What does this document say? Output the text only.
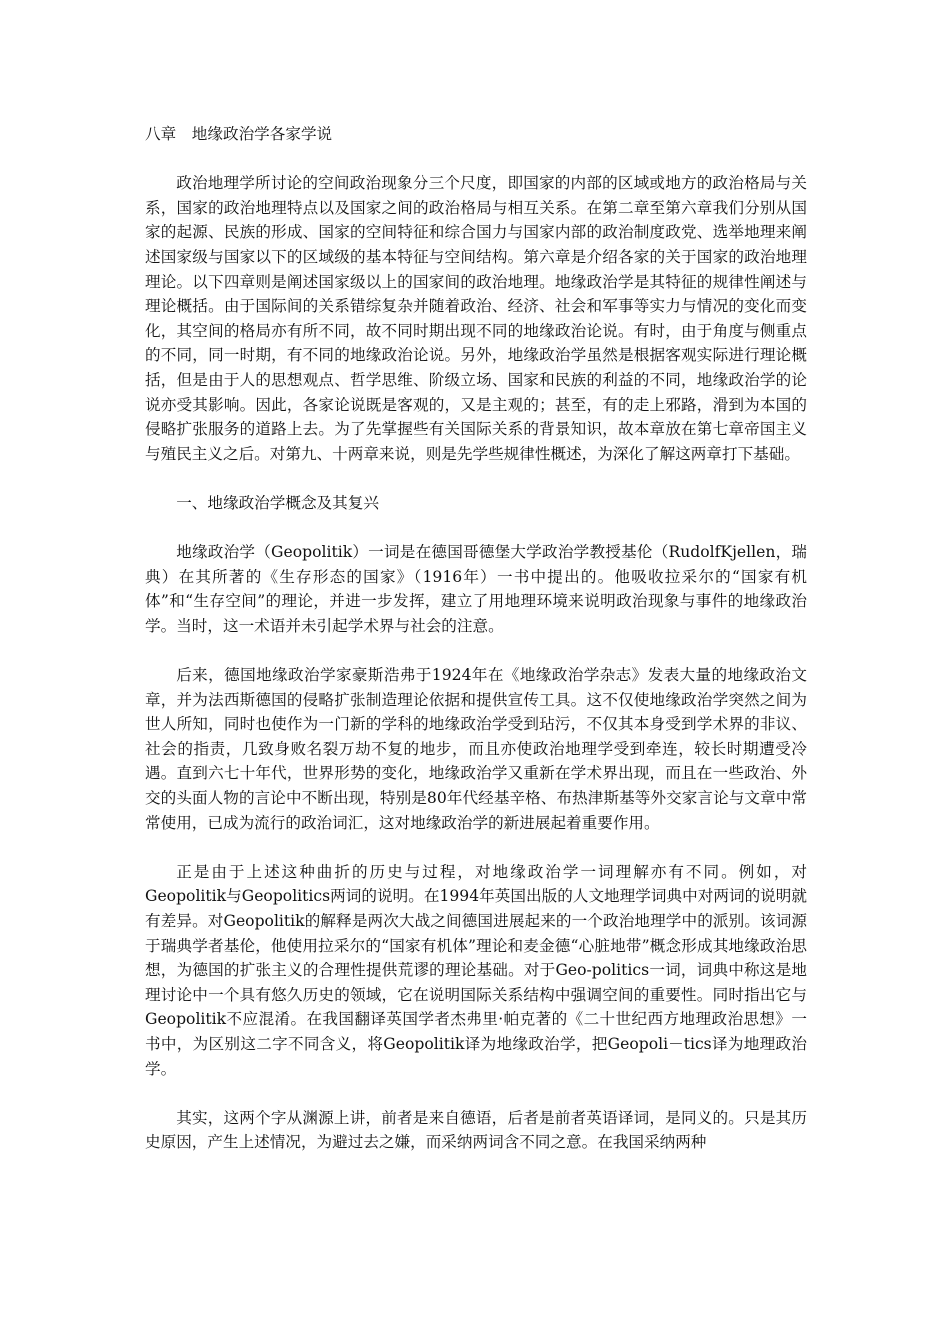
八章　地缘政治学各家学说

政治地理学所讨论的空间政治现象分三个尺度，即国家的内部的区域或地方的政治格局与关系，国家的政治地理特点以及国家之间的政治格局与相互关系。在第二章至第六章我们分别从国家的起源、民族的形成、国家的空间特征和综合国力与国家内部的政治制度政党、选举地理来阐述国家级与国家以下的区域级的基本特征与空间结构。第六章是介绍各家的关于国家的政治地理理论。以下四章则是阐述国家级以上的国家间的政治地理。地缘政治学是其特征的规律性阐述与理论概括。由于国际间的关系错综复杂并随着政治、经济、社会和军事等实力与情况的变化而变化，其空间的格局亦有所不同，故不同时期出现不同的地缘政治论说。有时，由于角度与侧重点的不同，同一时期，有不同的地缘政治论说。另外，地缘政治学虽然是根据客观实际进行理论概括，但是由于人的思想观点、哲学思维、阶级立场、国家和民族的利益的不同，地缘政治学的论说亦受其影响。因此，各家论说既是客观的，又是主观的；甚至，有的走上邪路，滑到为本国的侵略扩张服务的道路上去。为了先掌握些有关国际关系的背景知识，故本章放在第七章帝国主义与殖民主义之后。对第九、十两章来说，则是先学些规律性概述，为深化了解这两章打下基础。

一、地缘政治学概念及其复兴

地缘政治学（Geopolitik）一词是在德国哥德堡大学政治学教授基伦（RudolfKjellen，瑞典）在其所著的《生存形态的国家》（1916年）一书中提出的。他吸收拉采尔的“国家有机体”和“生存空间”的理论，并进一步发挥，建立了用地理环境来说明政治现象与事件的地缘政治学。当时，这一术语并未引起学术界与社会的注意。

后来，德国地缘政治学家豪斯浩弗于1924年在《地缘政治学杂志》发表大量的地缘政治文章，并为法西斯德国的侵略扩张制造理论依据和提供宣传工具。这不仅使地缘政治学突然之间为世人所知，同时也使作为一门新的学科的地缘政治学受到玷污，不仅其本身受到学术界的非议、社会的指责，几致身败名裂万劫不复的地步，而且亦使政治地理学受到牵连，较长时期遭受冷遇。直到六七十年代，世界形势的变化，地缘政治学又重新在学术界出现，而且在一些政治、外交的头面人物的言论中不断出现，特别是80年代经基辛格、布热津斯基等外交家言论与文章中常常使用，已成为流行的政治词汇，这对地缘政治学的新进展起着重要作用。

正是由于上述这种曲折的历史与过程，对地缘政治学一词理解亦有不同。例如，对Geopolitik与Geopolitics两词的说明。在1994年英国出版的人文地理学词典中对两词的说明就有差异。对Geopolitik的解释是两次大战之间德国进展起来的一个政治地理学中的派别。该词源于瑞典学者基伦，他使用拉采尔的“国家有机体”理论和麦金德“心脏地带”概念形成其地缘政治思想，为德国的扩张主义的合理性提供荒谬的理论基础。对于Geo-politics一词，词典中称这是地理讨论中一个具有悠久历史的领域，它在说明国际关系结构中强调空间的重要性。同时指出它与Geopolitik不应混淆。在我国翻译英国学者杰弗里·帕克著的《二十世纪西方地理政治思想》一书中，为区别这二字不同含义，将Geopolitik译为地缘政治学，把Geopoli－tics译为地理政治学。

其实，这两个字从渊源上讲，前者是来自德语，后者是前者英语译词，是同义的。只是其历史原因，产生上述情况，为避过去之嫌，而采纳两词含不同之意。在我国采纳两种
